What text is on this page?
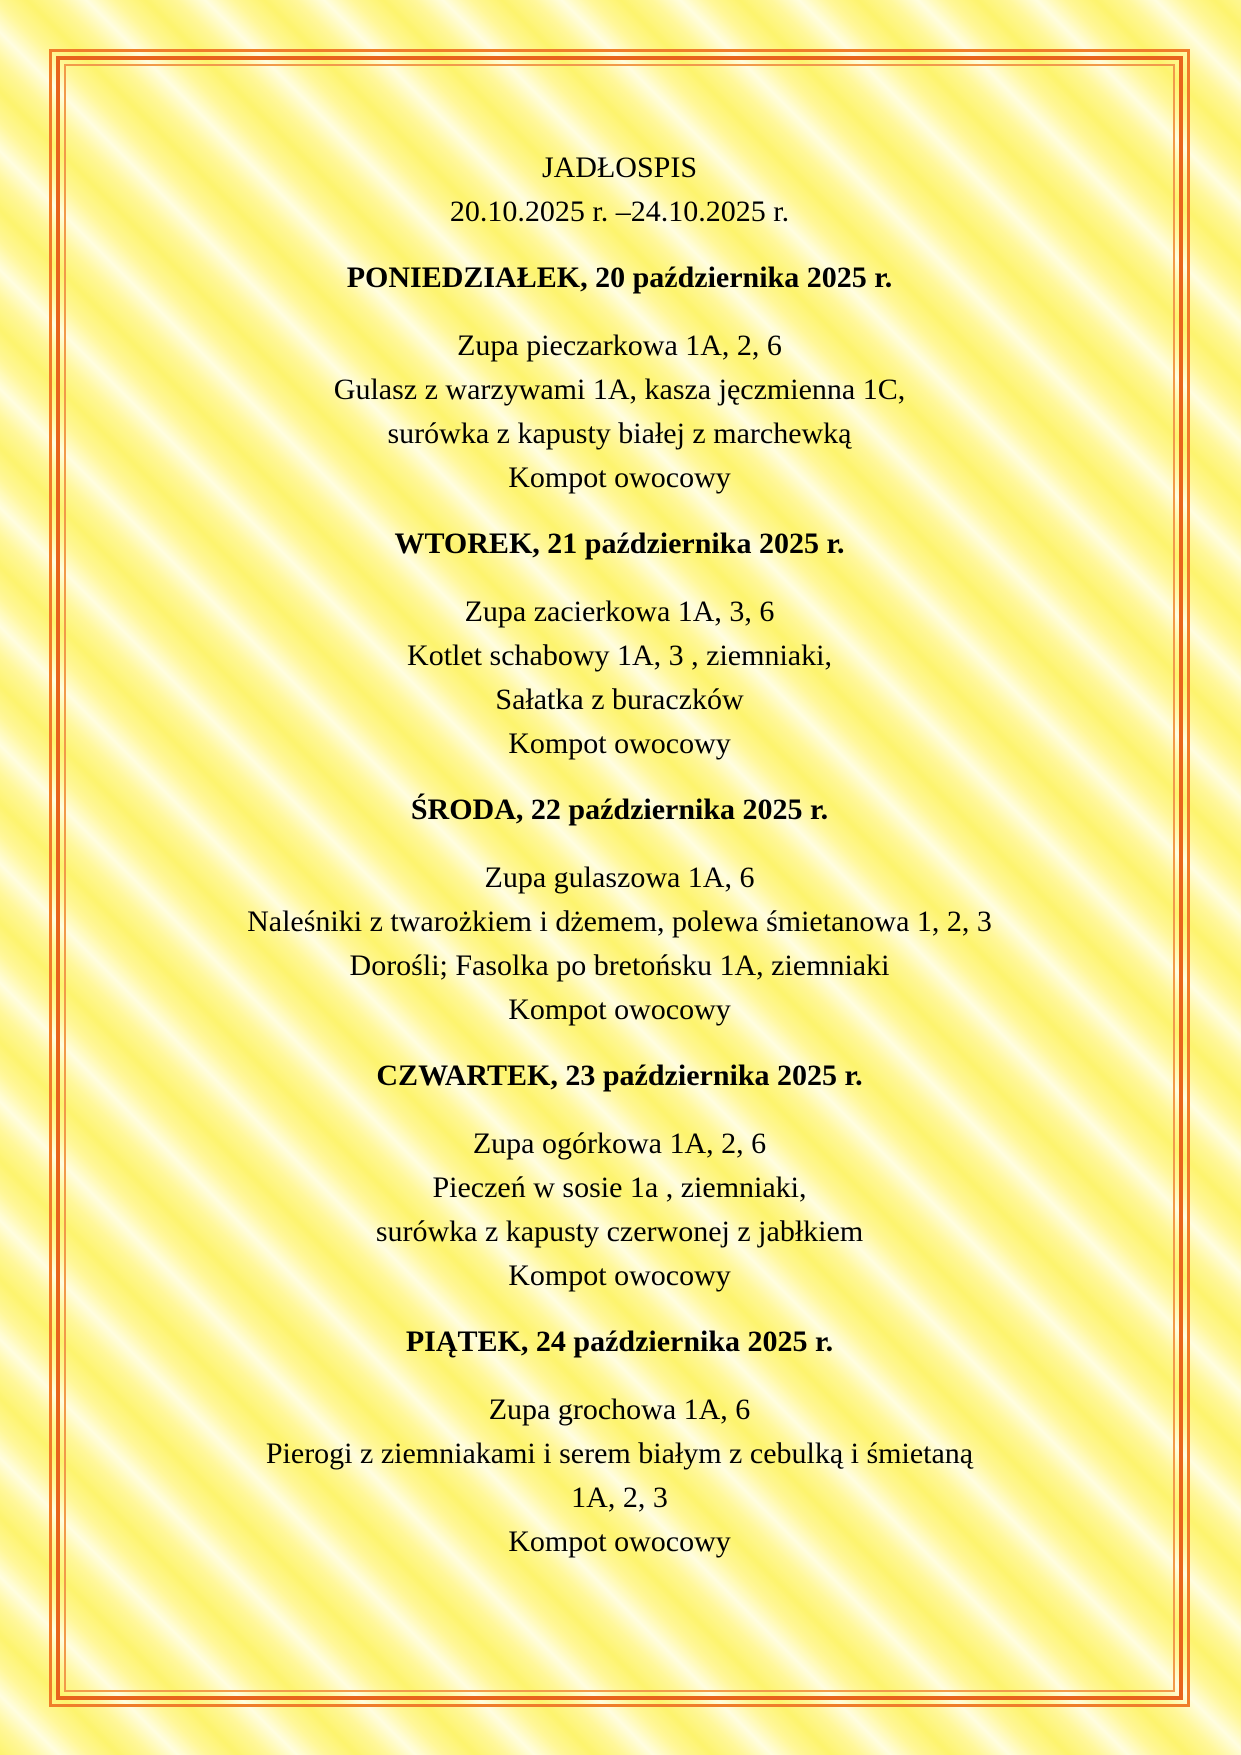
JADŁOSPIS

20.10.2025 r. –24.10.2025 r.

PONIEDZIAŁEK, 20 października 2025 r.

Zupa pieczarkowa 1A, 2, 6

Gulasz z warzywami 1A, kasza jęczmienna 1C,

surówka z kapusty białej z marchewką

Kompot owocowy

WTOREK, 21 października 2025 r.

Zupa zacierkowa 1A, 3, 6

Kotlet schabowy 1A, 3 , ziemniaki,

Sałatka z buraczków

Kompot owocowy

ŚRODA, 22 października 2025 r.

Zupa gulaszowa 1A, 6

Naleśniki z twarożkiem i dżemem, polewa śmietanowa 1, 2, 3

Dorośli; Fasolka po bretońsku 1A, ziemniaki

Kompot owocowy

CZWARTEK, 23 października 2025 r.

Zupa ogórkowa 1A, 2, 6

Pieczeń w sosie 1a , ziemniaki,

surówka z kapusty czerwonej z jabłkiem

Kompot owocowy

PIĄTEK, 24 października 2025 r.

Zupa grochowa 1A, 6

Pierogi z ziemniakami i serem białym z cebulką i śmietaną

1A, 2, 3

Kompot owocowy
